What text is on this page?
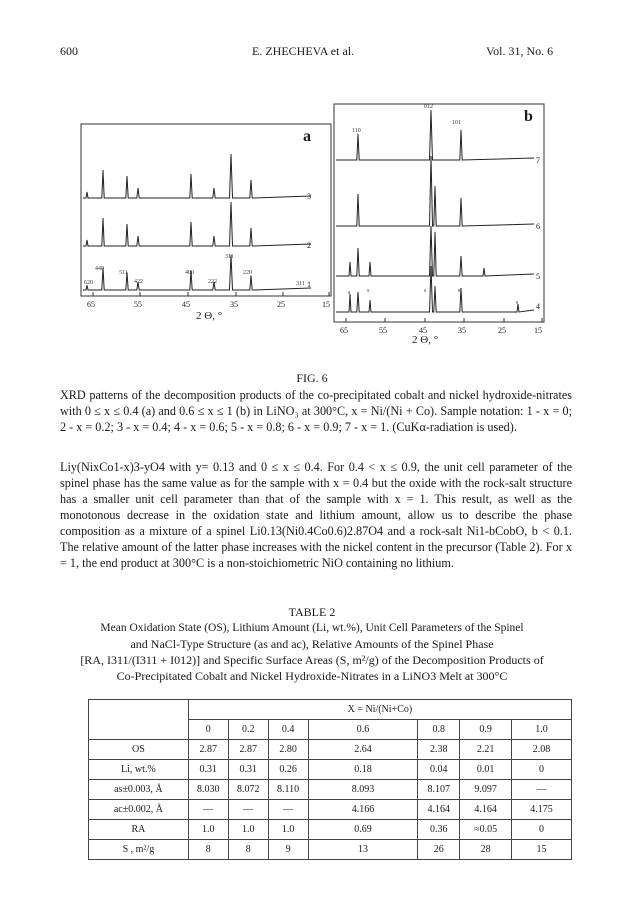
600	E. ZHECHEVA et al.	Vol. 31, No. 6
a
3
2
1
620
440
511
422
400
222
220
311
311
65	55	45	35	25	15
2 Θ, °
b
012
101
110
7
6
5
4
s	s	s	s
s
65	55	45	35	25	15
2 Θ, °
FIG. 6
XRD patterns of the decomposition products of the co-precipitated cobalt and nickel hydroxide-nitrates with 0 ≤ x ≤ 0.4 (a) and 0.6 ≤ x ≤ 1 (b) in LiNO₃ at 300°C, x = Ni/(Ni + Co). Sample notation: 1 - x = 0; 2 - x = 0.2; 3 - x = 0.4; 4 - x = 0.6; 5 - x = 0.8; 6 - x = 0.9; 7 - x = 1. (CuKα-radiation is used).
Liy(NixCo1-x)3-yO4 with y= 0.13 and 0 ≤ x ≤ 0.4. For 0.4 < x ≤ 0.9, the unit cell parameter of the spinel phase has the same value as for the sample with x = 0.4 but the oxide with the rock-salt structure has a smaller unit cell parameter than that of the sample with x = 1. This result, as well as the monotonous decrease in the oxidation state and lithium amount, allow us to describe the phase composition as a mixture of a spinel Li0.13(Ni0.4Co0.6)2.87O4 and a rock-salt Ni1-bCobO, b < 0.1. The relative amount of the latter phase increases with the nickel content in the precursor (Table 2). For x = 1, the end product at 300°C is a non-stoichiometric NiO containing no lithium.
TABLE 2
Mean Oxidation State (OS), Lithium Amount (Li, wt.%), Unit Cell Parameters of the Spinel
and NaCl-Type Structure (as and ac), Relative Amounts of the Spinel Phase
[RA, I311/(I311 + I012)] and Specific Surface Areas (S, m²/g) of the Decomposition Products of
Co-Precipitated Cobalt and Nickel Hydroxide-Nitrates in a LiNO3 Melt at 300°C
	X = Ni/(Ni+Co)						
	0	0.2	0.4	0.6	0.8	0.9	1.0
OS	2.87	2.87	2.80	2.64	2.38	2.21	2.08
Li, wt.%	0.31	0.31	0.26	0.18	0.04	0.01	0
as±0.003, Å	8.030	8.072	8.110	8.093	8.107	9.097	—
ac±0.002, Å	—	—	—	4.166	4.164	4.164	4.175
RA	1.0	1.0	1.0	0.69	0.36	≈0.05	0
S , m²/g	8	8	9	13	26	28	15
